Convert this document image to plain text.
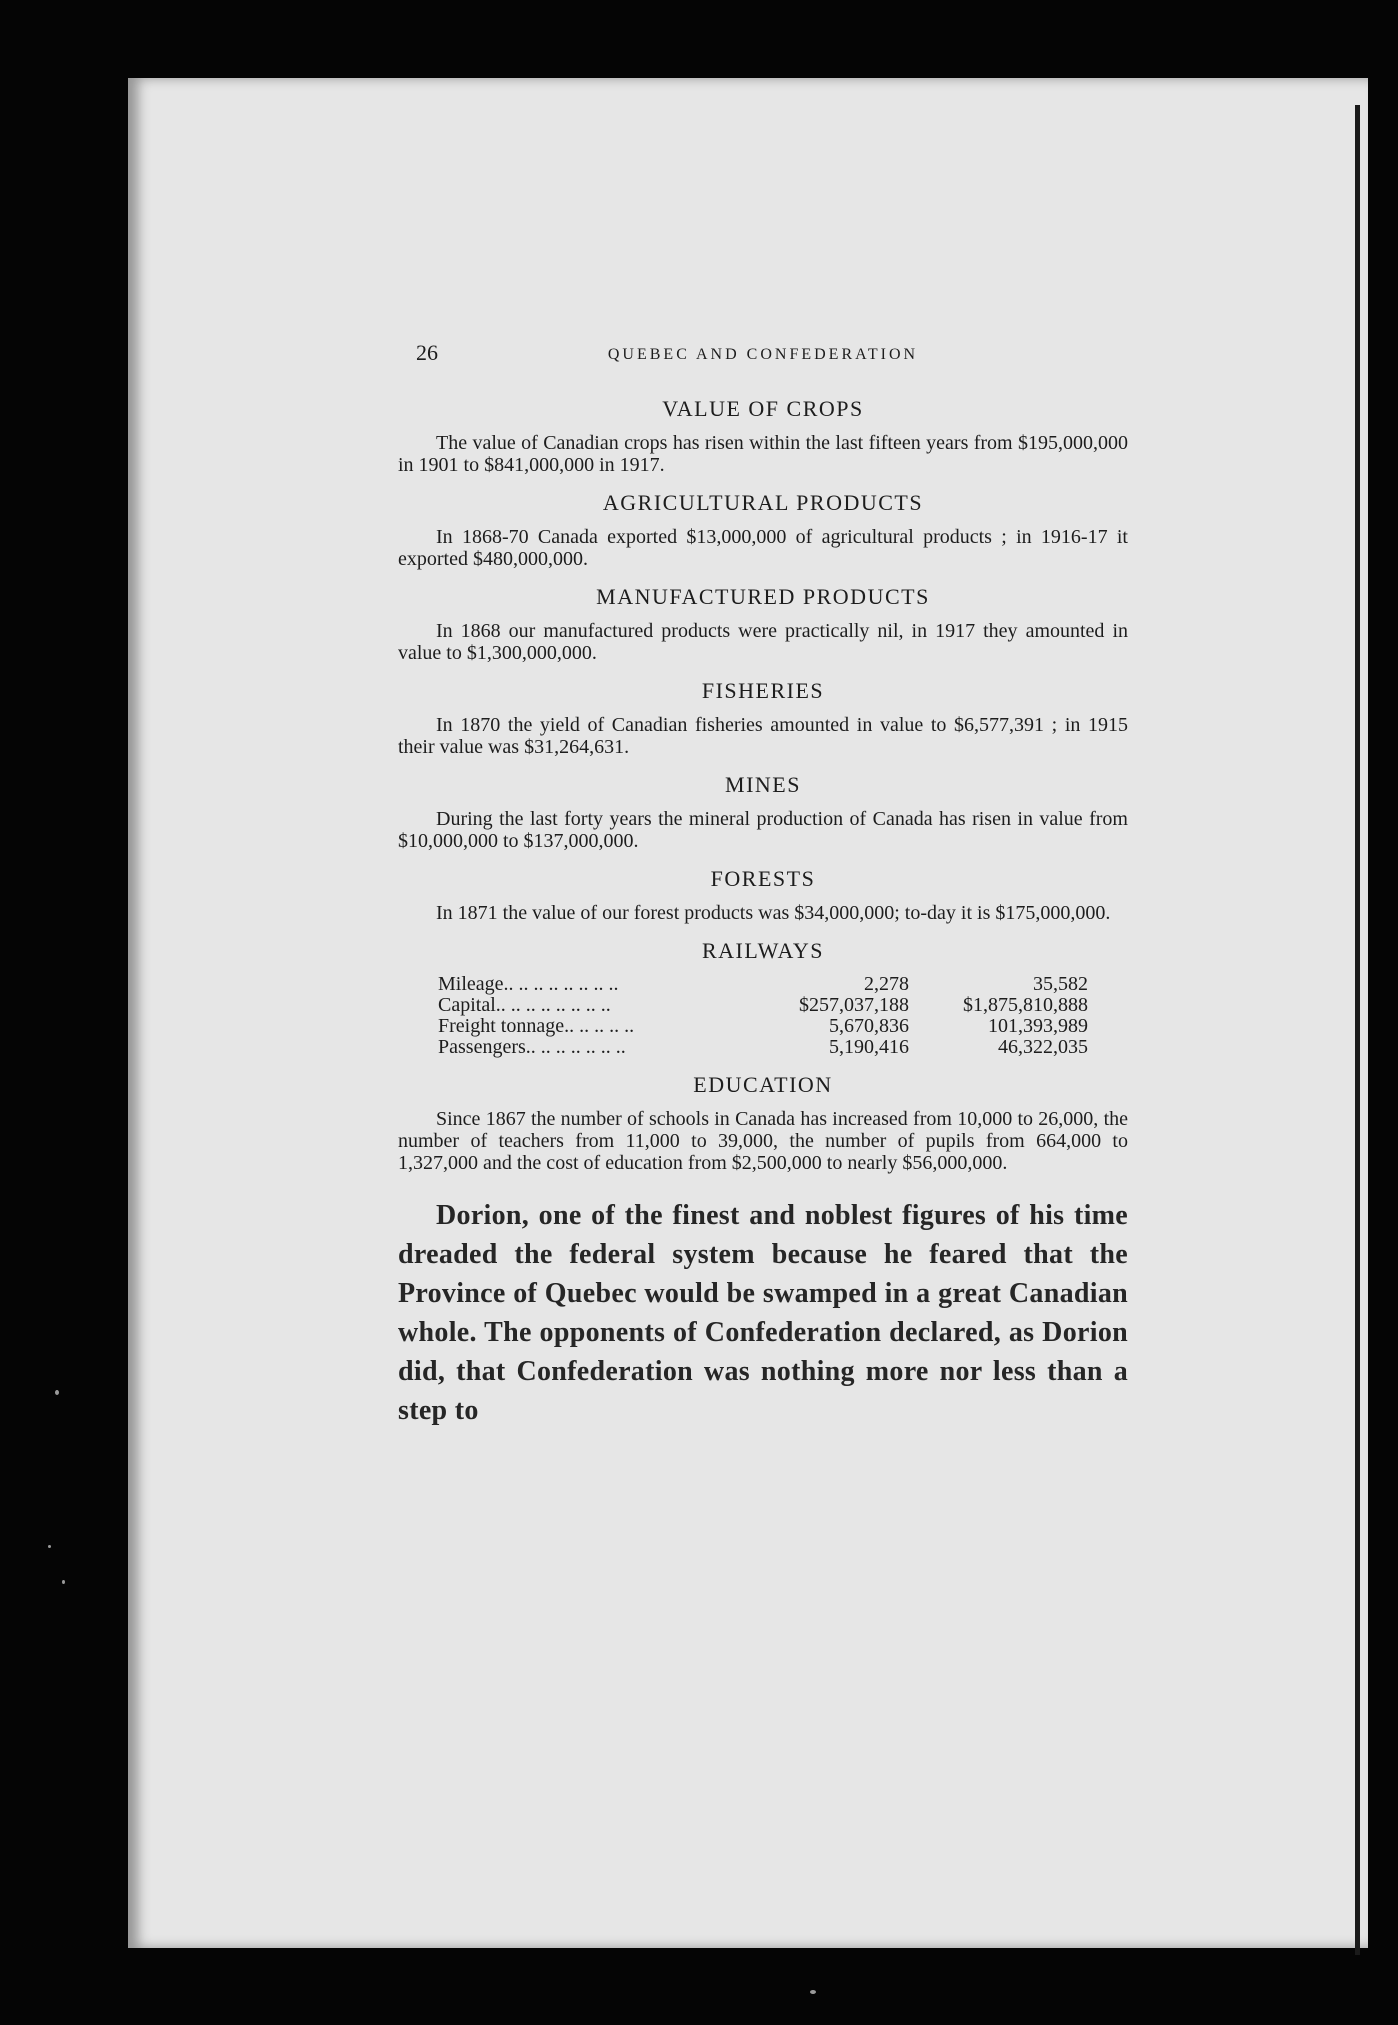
26	QUEBEC AND CONFEDERATION
VALUE OF CROPS

The value of Canadian crops has risen within the last fifteen years from $195,000,000 in 1901 to $841,000,000 in 1917.

AGRICULTURAL PRODUCTS

In 1868-70 Canada exported $13,000,000 of agricultural products ; in 1916-17 it exported $480,000,000.

MANUFACTURED PRODUCTS

In 1868 our manufactured products were practically nil, in 1917 they amounted in value to $1,300,000,000.

FISHERIES

In 1870 the yield of Canadian fisheries amounted in value to $6,577,391 ; in 1915 their value was $31,264,631.

MINES

During the last forty years the mineral production of Canada has risen in value from $10,000,000 to $137,000,000.

FORESTS

In 1871 the value of our forest products was $34,000,000; to-day it is $175,000,000.

RAILWAYS
Mileage.. .. .. .. .. .. .. ..	2,278	35,582
Capital.. .. .. .. .. .. .. ..	$257,037,188	$1,875,810,888
Freight tonnage.. .. .. .. ..	5,670,836	101,393,989
Passengers.. .. .. .. .. .. ..	5,190,416	46,322,035
EDUCATION

Since 1867 the number of schools in Canada has increased from 10,000 to 26,000, the number of teachers from 11,000 to 39,000, the number of pupils from 664,000 to 1,327,000 and the cost of education from $2,500,000 to nearly $56,000,000.

Dorion, one of the finest and noblest figures of his time dreaded the federal system because he feared that the Province of Quebec would be swamped in a great Canadian whole. The opponents of Confederation declared, as Dorion did, that Confederation was nothing more nor less than a step to
